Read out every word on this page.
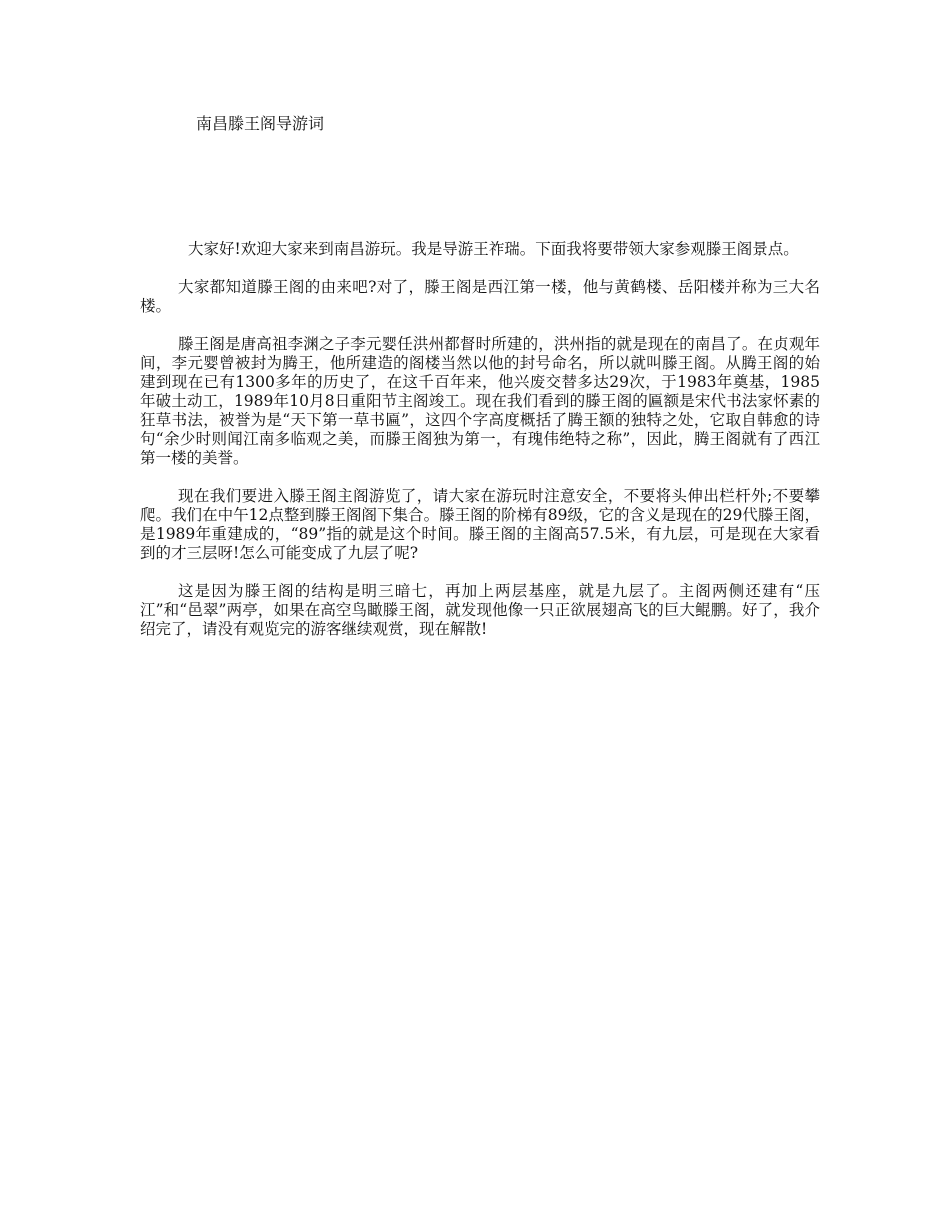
南昌滕王阁导游词

大家好!欢迎大家来到南昌游玩。我是导游王祚瑞。下面我将要带领大家参观滕王阁景点。

大家都知道滕王阁的由来吧?对了，滕王阁是西江第一楼，他与黄鹤楼、岳阳楼并称为三大名楼。

滕王阁是唐高祖李渊之子李元婴任洪州都督时所建的，洪州指的就是现在的南昌了。在贞观年间，李元婴曾被封为腾王，他所建造的阁楼当然以他的封号命名，所以就叫滕王阁。从腾王阁的始建到现在已有1300多年的历史了，在这千百年来，他兴废交替多达29次，于1983年奠基，1985年破土动工，1989年10月8日重阳节主阁竣工。现在我们看到的滕王阁的匾额是宋代书法家怀素的狂草书法，被誉为是“天下第一草书匾”，这四个字高度概括了腾王额的独特之处，它取自韩愈的诗句“余少时则闻江南多临观之美，而滕王阁独为第一，有瑰伟绝特之称”，因此，腾王阁就有了西江第一楼的美誉。

现在我们要进入滕王阁主阁游览了，请大家在游玩时注意安全，不要将头伸出栏杆外;不要攀爬。我们在中午12点整到滕王阁阁下集合。滕王阁的阶梯有89级，它的含义是现在的29代滕王阁，是1989年重建成的，“89”指的就是这个时间。滕王阁的主阁高57.5米，有九层，可是现在大家看到的才三层呀!怎么可能变成了九层了呢?

这是因为滕王阁的结构是明三暗七，再加上两层基座，就是九层了。主阁两侧还建有“压江”和“邑翠”两亭，如果在高空鸟瞰滕王阁，就发现他像一只正欲展翅高飞的巨大鲲鹏。好了，我介绍完了，请没有观览完的游客继续观赏，现在解散!
